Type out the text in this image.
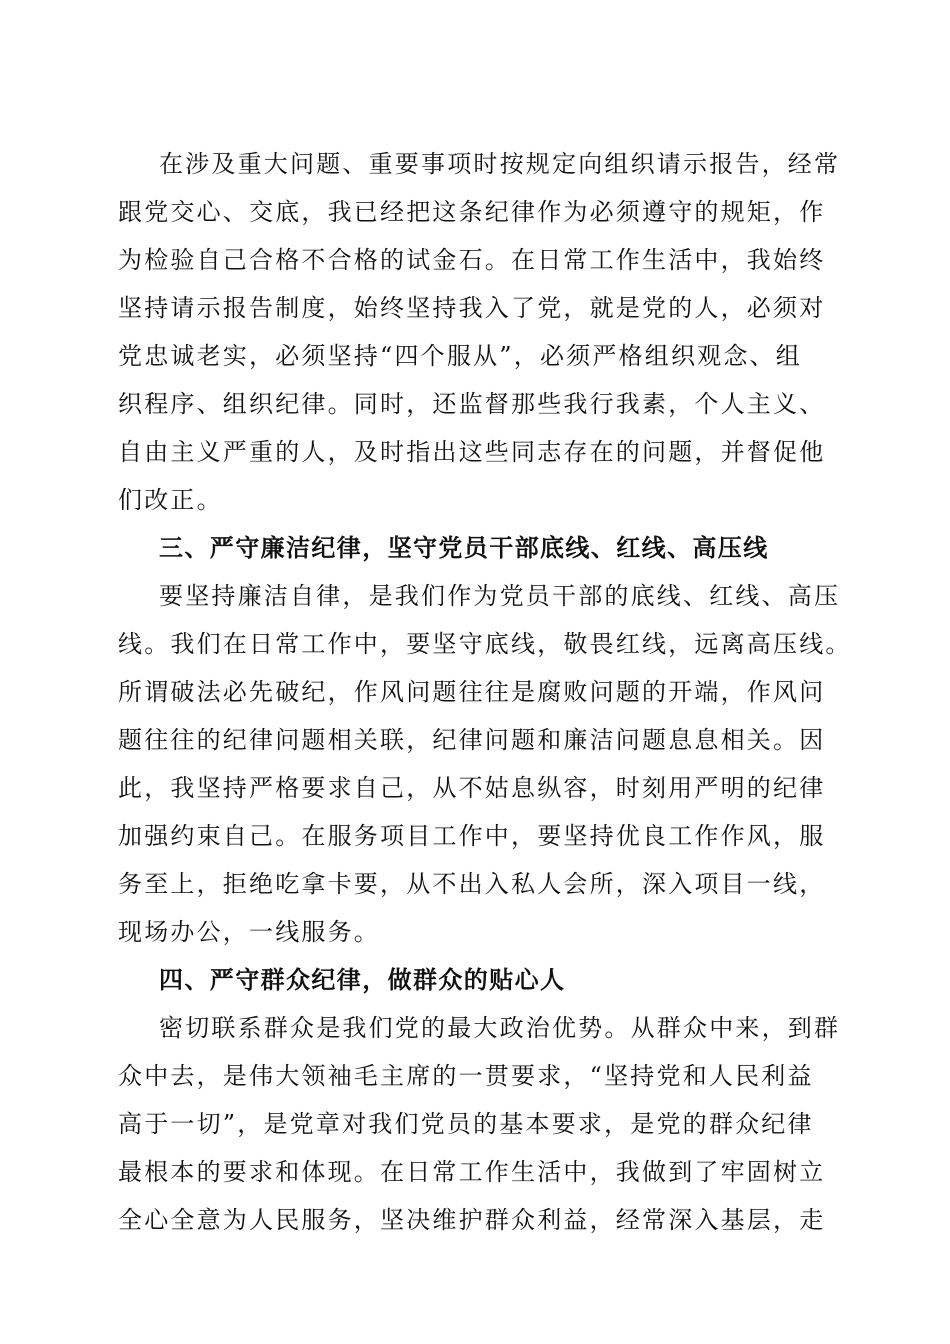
在涉及重大问题、重要事项时按规定向组织请示报告，经常
跟党交心、交底，我已经把这条纪律作为必须遵守的规矩，作
为检验自己合格不合格的试金石。在日常工作生活中，我始终
坚持请示报告制度，始终坚持我入了党，就是党的人，必须对
党忠诚老实，必须坚持“四个服从”，必须严格组织观念、组
织程序、组织纪律。同时，还监督那些我行我素，个人主义、
自由主义严重的人，及时指出这些同志存在的问题，并督促他
们改正。
三、严守廉洁纪律，坚守党员干部底线、红线、高压线
要坚持廉洁自律，是我们作为党员干部的底线、红线、高压
线。我们在日常工作中，要坚守底线，敬畏红线，远离高压线。
所谓破法必先破纪，作风问题往往是腐败问题的开端，作风问
题往往的纪律问题相关联，纪律问题和廉洁问题息息相关。因
此，我坚持严格要求自己，从不姑息纵容，时刻用严明的纪律
加强约束自己。在服务项目工作中，要坚持优良工作作风，服
务至上，拒绝吃拿卡要，从不出入私人会所，深入项目一线，
现场办公，一线服务。
四、严守群众纪律，做群众的贴心人
密切联系群众是我们党的最大政治优势。从群众中来，到群
众中去，是伟大领袖毛主席的一贯要求，“坚持党和人民利益
高于一切”，是党章对我们党员的基本要求，是党的群众纪律
最根本的要求和体现。在日常工作生活中，我做到了牢固树立
全心全意为人民服务，坚决维护群众利益，经常深入基层，走
